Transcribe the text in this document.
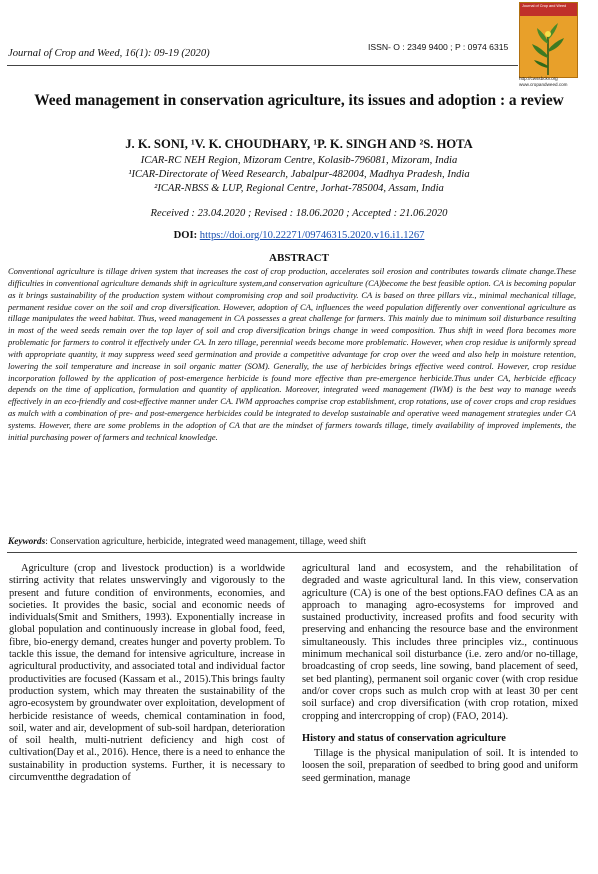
Journal of Crop and Weed, 16(1): 09-19 (2020)
ISSN- O : 2349 9400 ; P : 0974 6315
Journal of Crop and Weed
http://cwssbckv.org
www.cropandweed.com
Weed management in conservation agriculture, its issues and adoption : a review
J. K. SONI, ¹V. K. CHOUDHARY, ¹P. K. SINGH AND ²S. HOTA
ICAR-RC NEH Region, Mizoram Centre, Kolasib-796081, Mizoram, India
¹ICAR-Directorate of Weed Research, Jabalpur-482004, Madhya Pradesh, India
²ICAR-NBSS & LUP, Regional Centre, Jorhat-785004, Assam, India
Received : 23.04.2020 ; Revised : 18.06.2020 ; Accepted : 21.06.2020
DOI: https://doi.org/10.22271/09746315.2020.v16.i1.1267
ABSTRACT
Conventional agriculture is tillage driven system that increases the cost of crop production, accelerates soil erosion and contributes towards climate change.These difficulties in conventional agriculture demands shift in agriculture system,and conservation agriculture (CA)become the best feasible option. CA is becoming popular as it brings sustainability of the production system without compromising crop and soil productivity. CA is based on three pillars viz., minimal mechanical tillage, permanent residue cover on the soil and crop diversification. However, adoption of CA, influences the weed population differently over conventional agriculture as tillage manipulates the weed habitat. Thus, weed management in CA possesses a great challenge for farmers. This mainly due to minimum soil disturbance resulting in most of the weed seeds remain over the top layer of soil and crop diversification brings change in weed composition. Thus shift in weed flora becomes more problematic for farmers to control it effectively under CA. In zero tillage, perennial weeds become more problematic. However, when crop residue is uniformly spread with appropriate quantity, it may suppress weed seed germination and provide a competitive advantage for crop over the weed and also help in moisture retention, lowering the soil temperature and increase in soil organic matter (SOM). Generally, the use of herbicides brings effective weed control. However, crop residue incorporation followed by the application of post-emergence herbicide is found more effective than pre-emergence herbicide.Thus under CA, herbicide efficacy depends on the time of application, formulation and quantity of application. Moreover, integrated weed management (IWM) is the best way to manage weeds effectively in an eco-friendly and cost-effective manner under CA. IWM approaches comprise crop establishment, crop rotations, use of cover crops and crop residues as mulch with a combination of pre- and post-emergence herbicides could be integrated to develop sustainable and operative weed management strategies under CA systems. However, there are some problems in the adoption of CA that are the mindset of farmers towards tillage, timely availability of improved implements, the initial purchasing power of farmers and technical knowledge.
Keywords: Conservation agriculture, herbicide, integrated weed management, tillage, weed shift

Agriculture (crop and livestock production) is a worldwide stirring activity that relates unswervingly and vigorously to the present and future condition of environments, economies, and societies. It provides the basic, social and economic needs of individuals(Smit and Smithers, 1993). Exponentially increase in global population and continuously increase in global food, feed, fibre, bio-energy demand, creates hunger and poverty problem. To tackle this issue, the demand for intensive agriculture, increase in agricultural productivity, and associated total and individual factor productivities are focused (Kassam et al., 2015).This brings faulty production system, which may threaten the sustainability of the agro-ecosystem by groundwater over exploitation, development of herbicide resistance of weeds, chemical contamination in food, soil, water and air, development of sub-soil hardpan, deterioration of soil health, multi-nutrient deficiency and high cost of cultivation(Day et al., 2016). Hence, there is a need to enhance the sustainability in production systems. Further, it is necessary to circumventthe degradation of

agricultural land and ecosystem, and the rehabilitation of degraded and waste agricultural land. In this view, conservation agriculture (CA) is one of the best options.FAO defines CA as an approach to managing agro-ecosystems for improved and sustained productivity, increased profits and food security with preserving and enhancing the resource base and the environment simultaneously. This includes three principles viz., continuous minimum mechanical soil disturbance (i.e. zero and/or no-tillage, broadcasting of crop seeds, line sowing, band placement of seed, set bed planting), permanent soil organic cover (with crop residue and/or cover crops such as mulch crop with at least 30 per cent soil surface) and crop diversification (with crop rotation, mixed cropping and intercropping of crop) (FAO, 2014).

History and status of conservation agriculture

Tillage is the physical manipulation of soil. It is intended to loosen the soil, preparation of seedbed to bring good and uniform seed germination, manage
